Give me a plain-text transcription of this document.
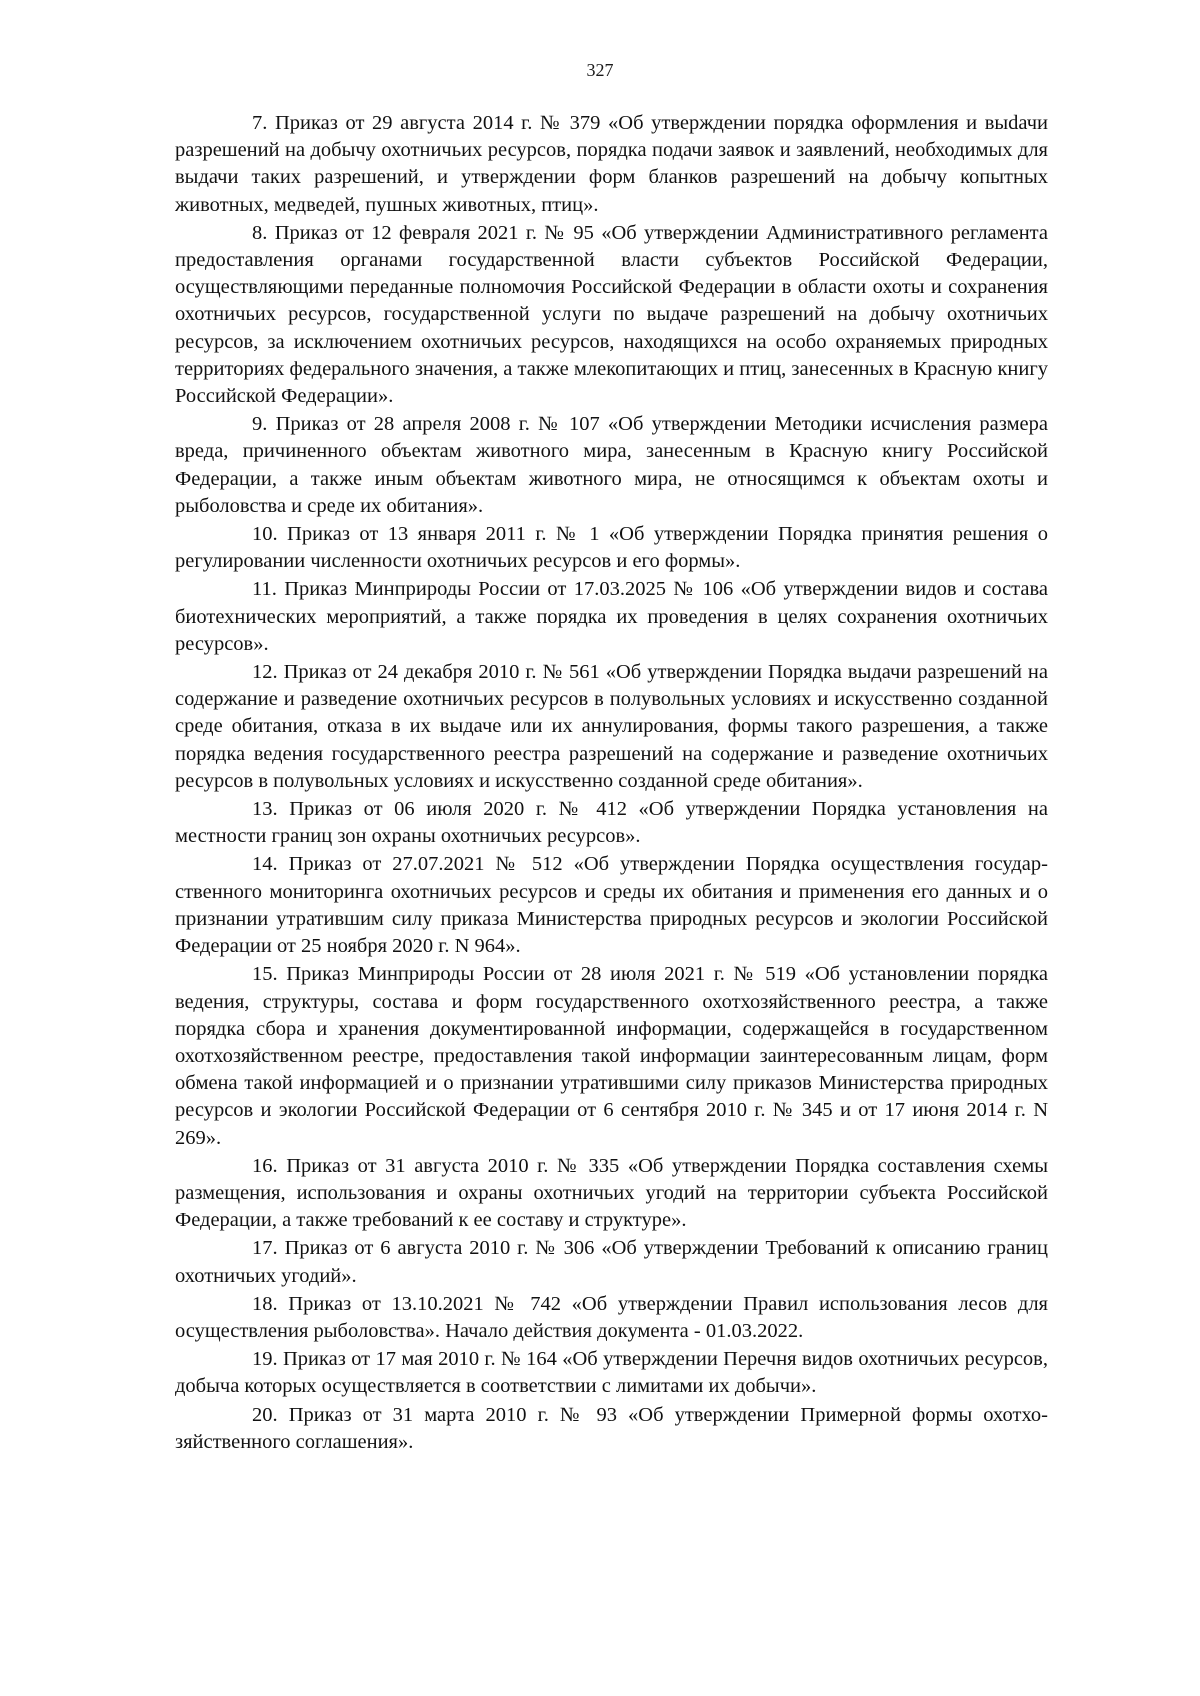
327

7. Приказ от 29 августа 2014 г. № 379 «Об утверждении порядка оформления и выdачи разрешений на добычу охотничьих ресурсов, порядка подачи заявок и заявлений, необходимых для выдачи таких разрешений, и утверждении форм бланков разрешений на добычу копытных животных, медведей, пушных животных, птиц».

8. Приказ от 12 февраля 2021 г. № 95 «Об утверждении Административного регламента предоставления органами государственной власти субъектов Российской Федерации, осуществляющими переданные полномочия Российской Федерации в области охоты и сохранения охотничьих ресурсов, государственной услуги по выдаче разрешений на добычу охотничьих ресурсов, за исключением охотничьих ресурсов, находящихся на особо охраняемых природных территориях федерального значения, а также млекопитающих и птиц, занесенных в Красную книгу Российской Федерации».

9. Приказ от 28 апреля 2008 г. № 107 «Об утверждении Методики исчисления размера вреда, причиненного объектам животного мира, занесенным в Красную книгу Российской Федерации, а также иным объектам животного мира, не относящимся к объектам охоты и рыболовства и среде их обитания».

10. Приказ от 13 января 2011 г. № 1 «Об утверждении Порядка принятия решения о регулировании численности охотничьих ресурсов и его формы».

11. Приказ Минприроды России от 17.03.2025 № 106 «Об утверждении видов и состава биотехнических мероприятий, а также порядка их проведения в целях сохранения охотничьих ресурсов».

12. Приказ от 24 декабря 2010 г. № 561 «Об утверждении Порядка выдачи разрешений на содержание и разведение охотничьих ресурсов в полувольных условиях и искусственно созданной среде обитания, отказа в их выдаче или их аннулирования, формы такого разрешения, а также порядка ведения государственного реестра разрешений на содержание и разведение охотничьих ресурсов в полувольных условиях и искусственно созданной среде обитания».

13. Приказ от 06 июля 2020 г. № 412 «Об утверждении Порядка установления на местности границ зон охраны охотничьих ресурсов».

14. Приказ от 27.07.2021 № 512 «Об утверждении Порядка осуществления государственного мониторинга охотничьих ресурсов и среды их обитания и применения его данных и о признании утратившим силу приказа Министерства природных ресурсов и экологии Российской Федерации от 25 ноября 2020 г. N 964».

15. Приказ Минприроды России от 28 июля 2021 г. № 519 «Об установлении порядка ведения, структуры, состава и форм государственного охотхозяйственного реестра, а также порядка сбора и хранения документированной информации, содержащейся в государственном охотхозяйственном реестре, предоставления такой информации заинтересованным лицам, форм обмена такой информацией и о признании утратившими силу приказов Министерства природных ресурсов и экологии Российской Федерации от 6 сентября 2010 г. № 345 и от 17 июня 2014 г. N 269».

16. Приказ от 31 августа 2010 г. № 335 «Об утверждении Порядка составления схемы размещения, использования и охраны охотничьих угодий на территории субъекта Российской Федерации, а также требований к ее составу и структуре».

17. Приказ от 6 августа 2010 г. № 306 «Об утверждении Требований к описанию границ охотничьих угодий».

18. Приказ от 13.10.2021 № 742 «Об утверждении Правил использования лесов для осуществления рыболовства». Начало действия документа - 01.03.2022.

19. Приказ от 17 мая 2010 г. № 164 «Об утверждении Перечня видов охотничьих ресурсов, добыча которых осуществляется в соответствии с лимитами их добычи».

20. Приказ от 31 марта 2010 г. № 93 «Об утверждении Примерной формы охотхозяйственного соглашения».
